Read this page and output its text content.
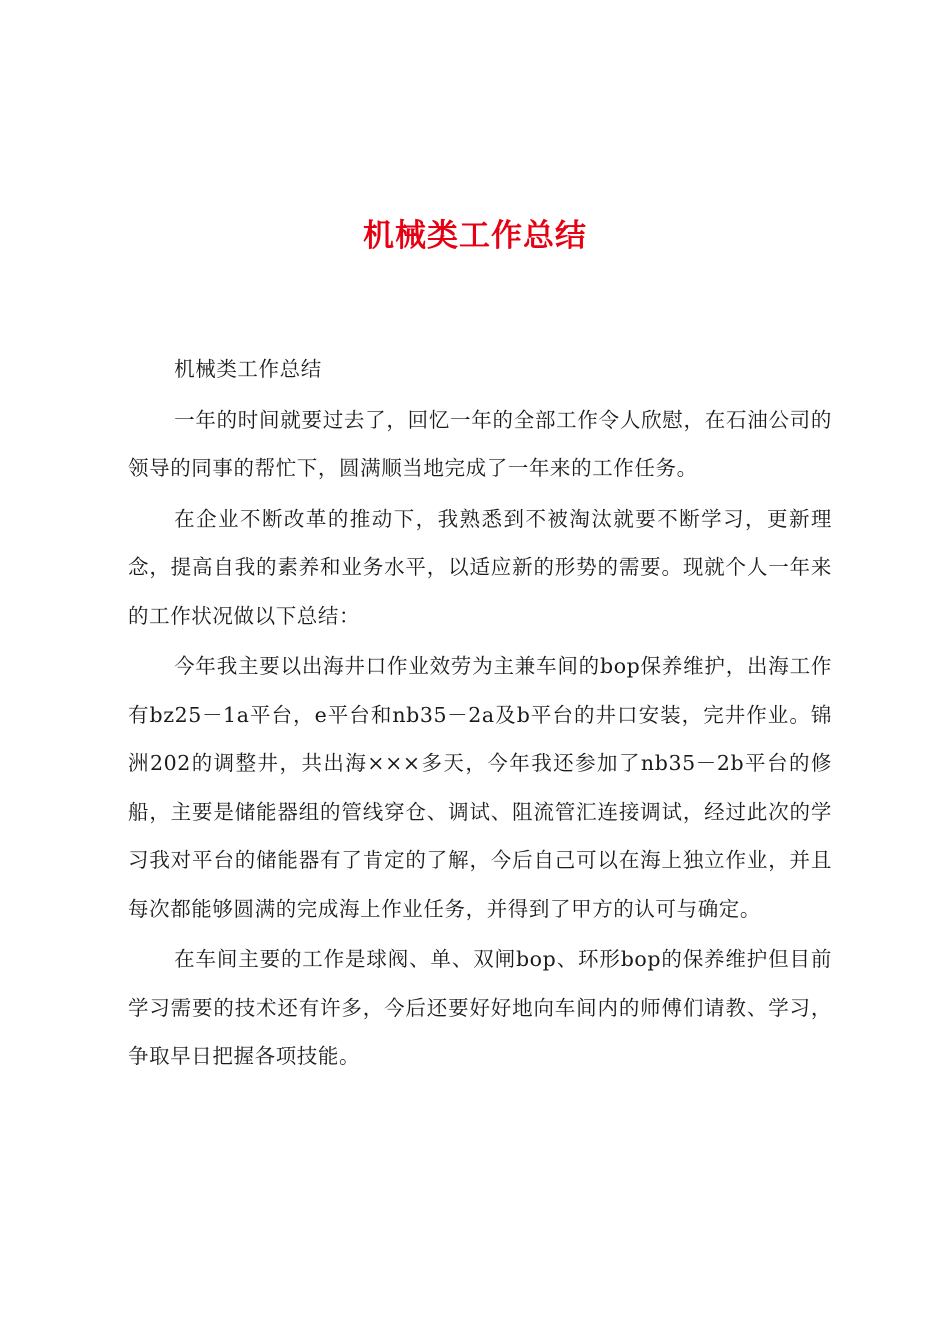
机械类工作总结

机械类工作总结

一年的时间就要过去了，回忆一年的全部工作令人欣慰，在石油公司的领导的同事的帮忙下，圆满顺当地完成了一年来的工作任务。

在企业不断改革的推动下，我熟悉到不被淘汰就要不断学习，更新理念，提高自我的素养和业务水平，以适应新的形势的需要。现就个人一年来的工作状况做以下总结：

今年我主要以出海井口作业效劳为主兼车间的bop保养维护，出海工作有bz25－1a平台，e平台和nb35－2a及b平台的井口安装，完井作业。锦洲202的调整井，共出海×××多天，今年我还参加了nb35－2b平台的修船，主要是储能器组的管线穿仓、调试、阻流管汇连接调试，经过此次的学习我对平台的储能器有了肯定的了解，今后自己可以在海上独立作业，并且每次都能够圆满的完成海上作业任务，并得到了甲方的认可与确定。

在车间主要的工作是球阀、单、双闸bop、环形bop的保养维护但目前学习需要的技术还有许多，今后还要好好地向车间内的师傅们请教、学习，争取早日把握各项技能。
